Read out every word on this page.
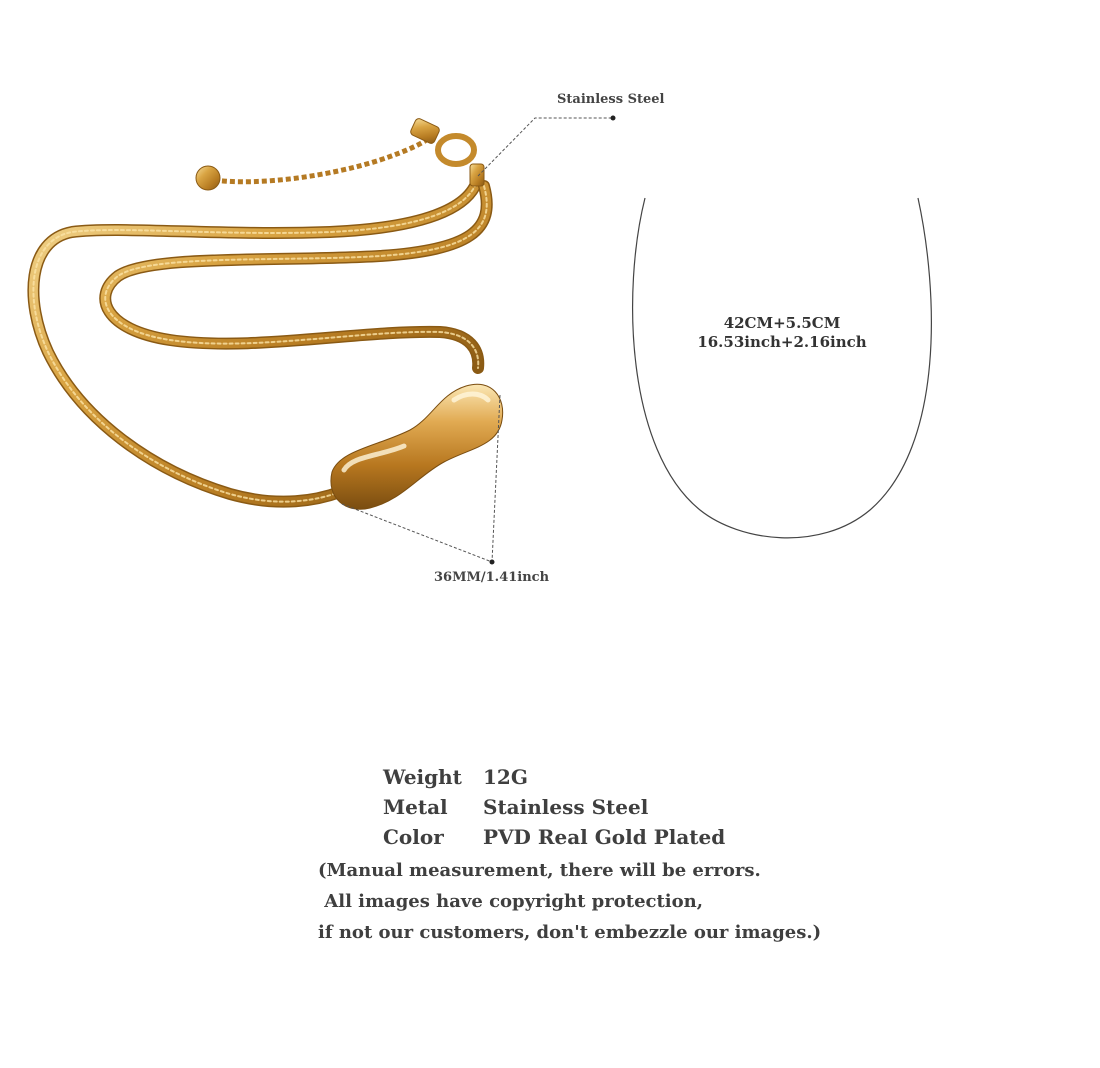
Stainless Steel
36MM/1.41inch
42CM+5.5CM
16.53inch+2.16inch
Weight	12G
Metal	Stainless Steel
Color	PVD Real Gold Plated
(Manual measurement, there will be errors.
All images have copyright protection,
if not our customers, don't embezzle our images.)
